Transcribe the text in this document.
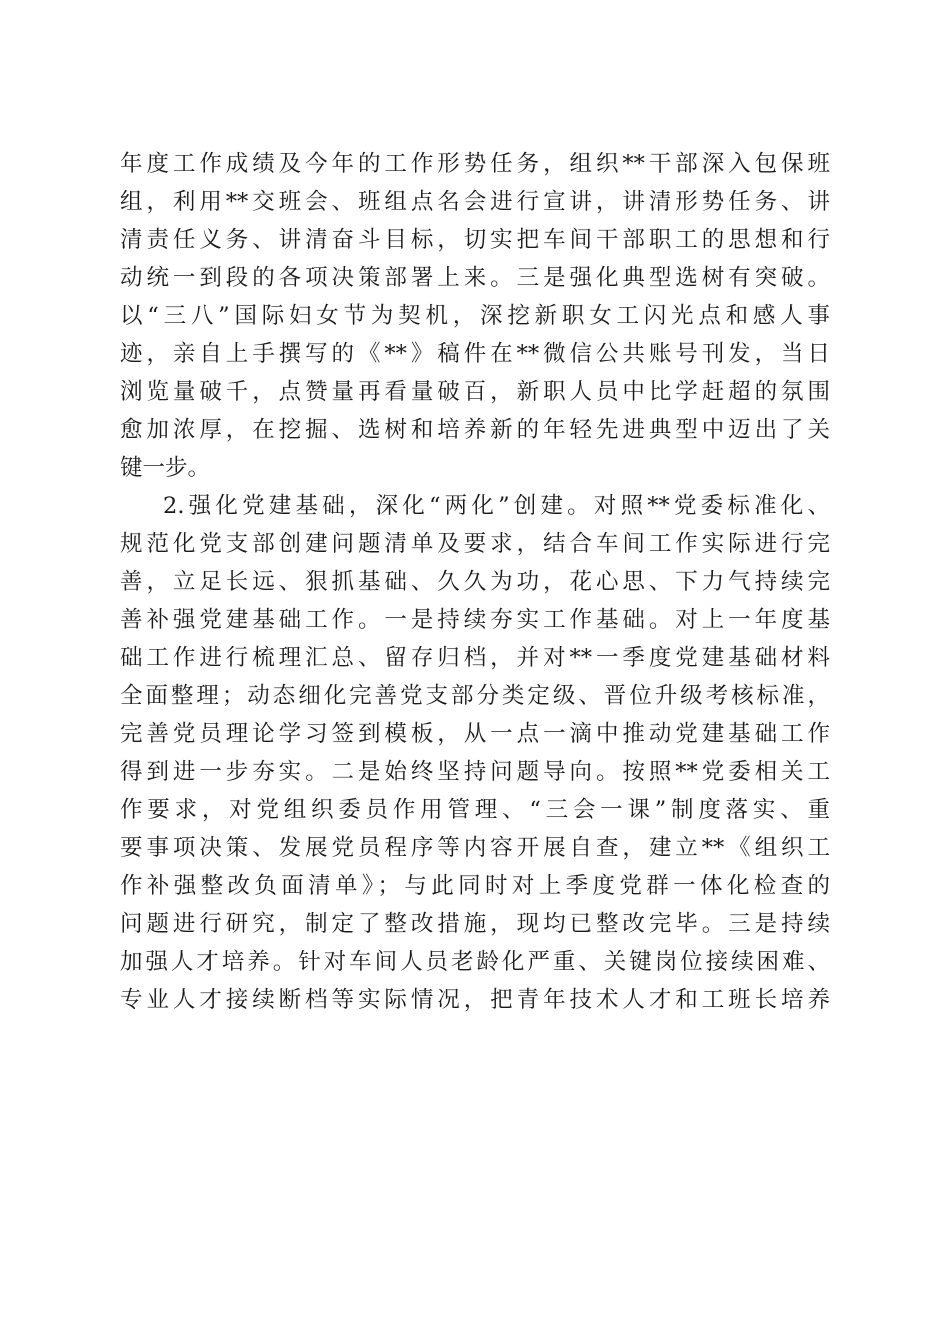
年度工作成绩及今年的工作形势任务，组织**干部深入包保班
组，利用**交班会、班组点名会进行宣讲，讲清形势任务、讲
清责任义务、讲清奋斗目标，切实把车间干部职工的思想和行
动统一到段的各项决策部署上来。三是强化典型选树有突破。
以“三八”国际妇女节为契机，深挖新职女工闪光点和感人事
迹，亲自上手撰写的《**》稿件在**微信公共账号刊发，当日
浏览量破千，点赞量再看量破百，新职人员中比学赶超的氛围
愈加浓厚，在挖掘、选树和培养新的年轻先进典型中迈出了关
键一步。
2.强化党建基础，深化“两化”创建。对照**党委标准化、
规范化党支部创建问题清单及要求，结合车间工作实际进行完
善，立足长远、狠抓基础、久久为功，花心思、下力气持续完
善补强党建基础工作。一是持续夯实工作基础。对上一年度基
础工作进行梳理汇总、留存归档，并对**一季度党建基础材料
全面整理；动态细化完善党支部分类定级、晋位升级考核标准，
完善党员理论学习签到模板，从一点一滴中推动党建基础工作
得到进一步夯实。二是始终坚持问题导向。按照**党委相关工
作要求，对党组织委员作用管理、“三会一课”制度落实、重
要事项决策、发展党员程序等内容开展自查，建立**《组织工
作补强整改负面清单》；与此同时对上季度党群一体化检查的
问题进行研究，制定了整改措施，现均已整改完毕。三是持续
加强人才培养。针对车间人员老龄化严重、关键岗位接续困难、
专业人才接续断档等实际情况，把青年技术人才和工班长培养
